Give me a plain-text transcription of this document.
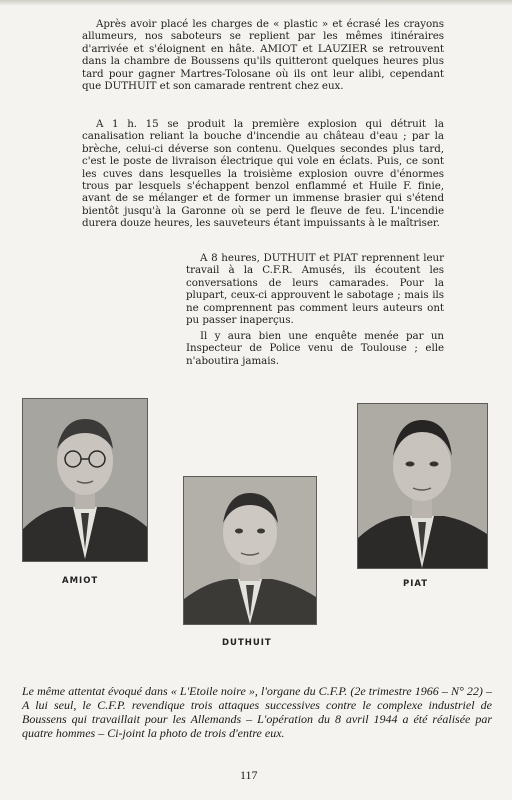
Après avoir placé les charges de « plastic » et écrasé les crayons allumeurs, nos saboteurs se replient par les mêmes itinéraires d'arrivée et s'éloignent en hâte. AMIOT et LAUZIER se retrouvent dans la chambre de Boussens qu'ils quitteront quelques heures plus tard pour gagner Martres-Tolosane où ils ont leur alibi, cependant que DUTHUIT et son camarade rentrent chez eux.

A 1 h. 15 se produit la première explosion qui détruit la canalisation reliant la bouche d'incendie au château d'eau ; par la brèche, celui-ci déverse son contenu. Quelques secondes plus tard, c'est le poste de livraison électrique qui vole en éclats. Puis, ce sont les cuves dans lesquelles la troisième explosion ouvre d'énormes trous par lesquels s'échappent benzol enflammé et Huile F. finie, avant de se mélanger et de former un immense brasier qui s'étend bientôt jusqu'à la Garonne où se perd le fleuve de feu. L'incendie durera douze heures, les sauveteurs étant impuissants à le maîtriser.

A 8 heures, DUTHUIT et PIAT reprennent leur travail à la C.F.R. Amusés, ils écoutent les conversations de leurs camarades. Pour la plupart, ceux-ci approuvent le sabotage ; mais ils ne comprennent pas comment leurs auteurs ont pu passer inaperçus.

Il y aura bien une enquête menée par un Inspecteur de Police venu de Toulouse ; elle n'aboutira jamais.

AMIOT

DUTHUIT

PIAT

Le même attentat évoqué dans « L'Etoile noire », l'organe du C.F.P. (2e trimestre 1966 – N° 22) – A lui seul, le C.F.P. revendique trois attaques successives contre le complexe industriel de Boussens qui travaillait pour les Allemands – L'opération du 8 avril 1944 a été réalisée par quatre hommes – Ci-joint la photo de trois d'entre eux.

117
